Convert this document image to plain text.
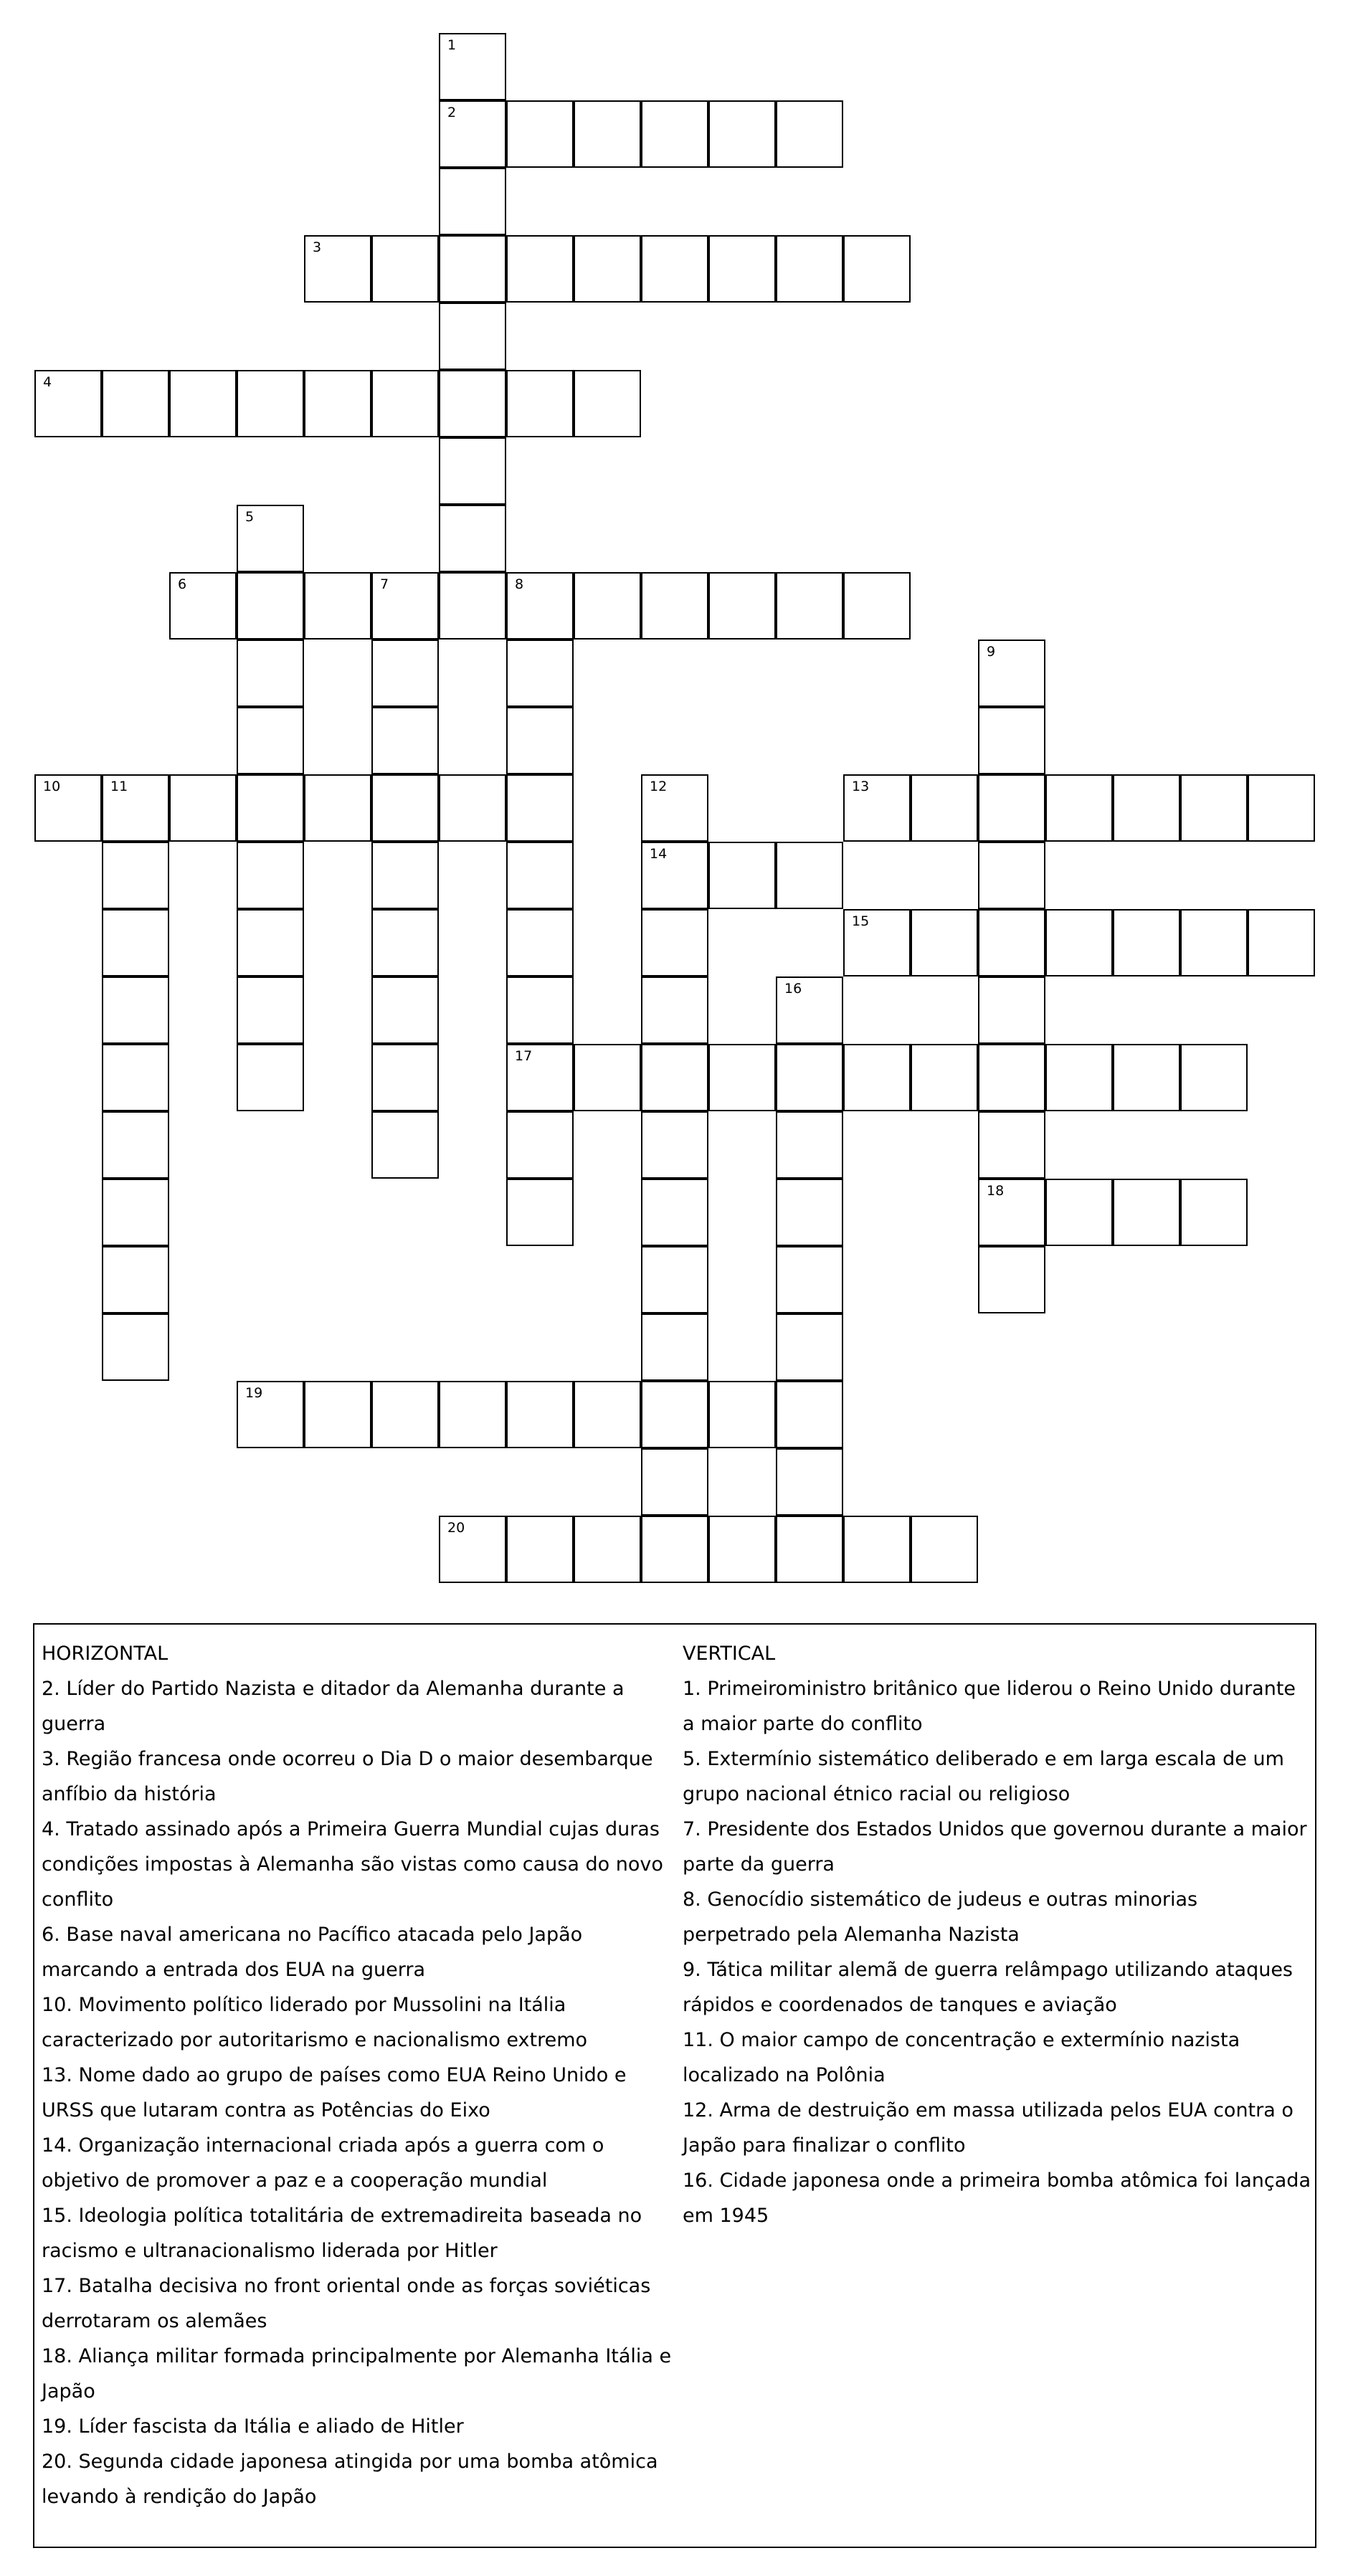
1
2
3
4
5
6	7	8
9
10	11	12	13
14
15
16
17
18
19
20

HORIZONTAL

2. Líder do Partido Nazista e ditador da Alemanha durante a guerra

3. Região francesa onde ocorreu o Dia D o maior desembarque anfíbio da história

4. Tratado assinado após a Primeira Guerra Mundial cujas duras condições impostas à Alemanha são vistas como causa do novo conflito

6. Base naval americana no Pacífico atacada pelo Japão marcando a entrada dos EUA na guerra

10. Movimento político liderado por Mussolini na Itália caracterizado por autoritarismo e nacionalismo extremo

13. Nome dado ao grupo de países como EUA Reino Unido e URSS que lutaram contra as Potências do Eixo

14. Organização internacional criada após a guerra com o objetivo de promover a paz e a cooperação mundial

15. Ideologia política totalitária de extremadireita baseada no racismo e ultranacionalismo liderada por Hitler

17. Batalha decisiva no front oriental onde as forças soviéticas derrotaram os alemães

18. Aliança militar formada principalmente por Alemanha Itália e Japão

19. Líder fascista da Itália e aliado de Hitler

20. Segunda cidade japonesa atingida por uma bomba atômica levando à rendição do Japão

VERTICAL

1. Primeiroministro britânico que liderou o Reino Unido durante a maior parte do conflito

5. Extermínio sistemático deliberado e em larga escala de um grupo nacional étnico racial ou religioso

7. Presidente dos Estados Unidos que governou durante a maior parte da guerra

8. Genocídio sistemático de judeus e outras minorias perpetrado pela Alemanha Nazista

9. Tática militar alemã de guerra relâmpago utilizando ataques rápidos e coordenados de tanques e aviação

11. O maior campo de concentração e extermínio nazista localizado na Polônia

12. Arma de destruição em massa utilizada pelos EUA contra o Japão para finalizar o conflito

16. Cidade japonesa onde a primeira bomba atômica foi lançada em 1945
